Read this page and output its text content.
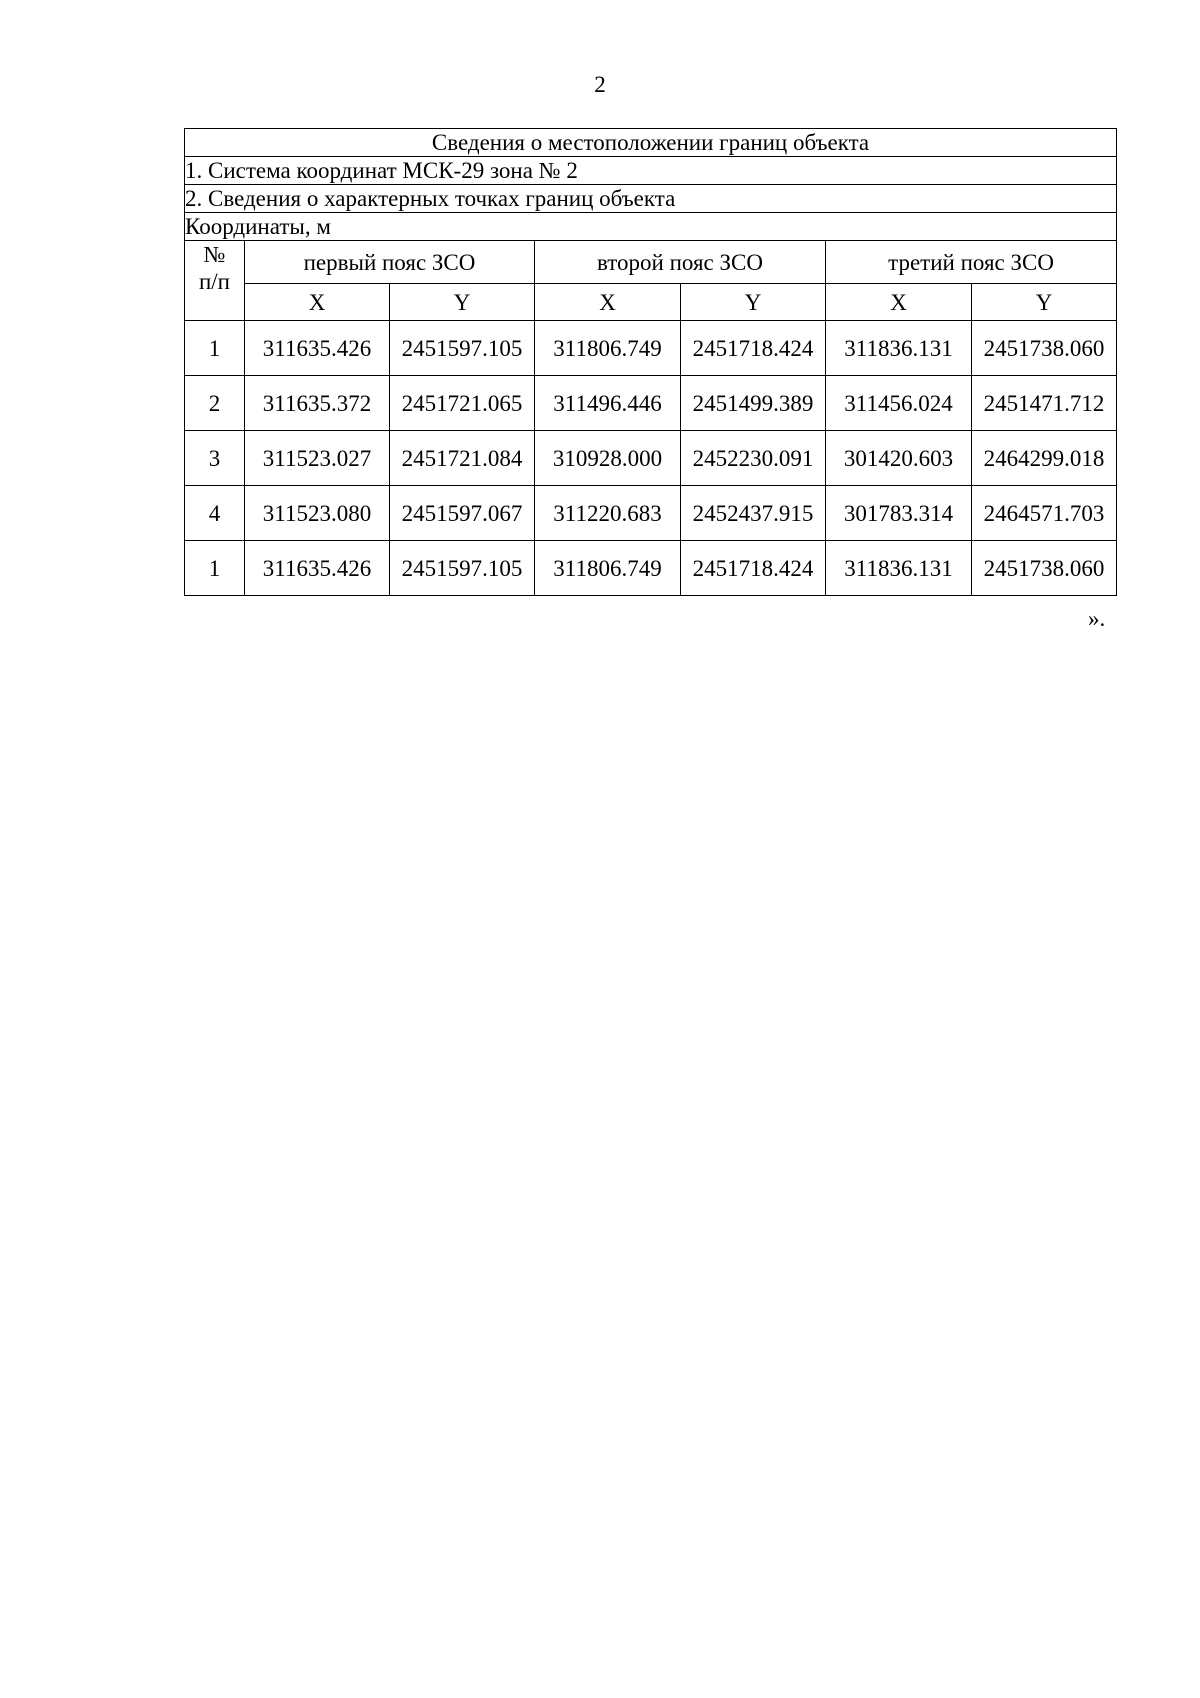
2
Сведения о местоположении границ объекта						
1. Система координат МСК-29 зона № 2						
2. Сведения о характерных точках границ объекта						
Координаты, м						

№
п/п	первый пояс ЗСО		второй пояс ЗСО		третий пояс ЗСО	
	X	Y	X	Y	X	Y
1	311635.426	2451597.105	311806.749	2451718.424	311836.131	2451738.060
2	311635.372	2451721.065	311496.446	2451499.389	311456.024	2451471.712
3	311523.027	2451721.084	310928.000	2452230.091	301420.603	2464299.018
4	311523.080	2451597.067	311220.683	2452437.915	301783.314	2464571.703
1	311635.426	2451597.105	311806.749	2451718.424	311836.131	2451738.060
».
